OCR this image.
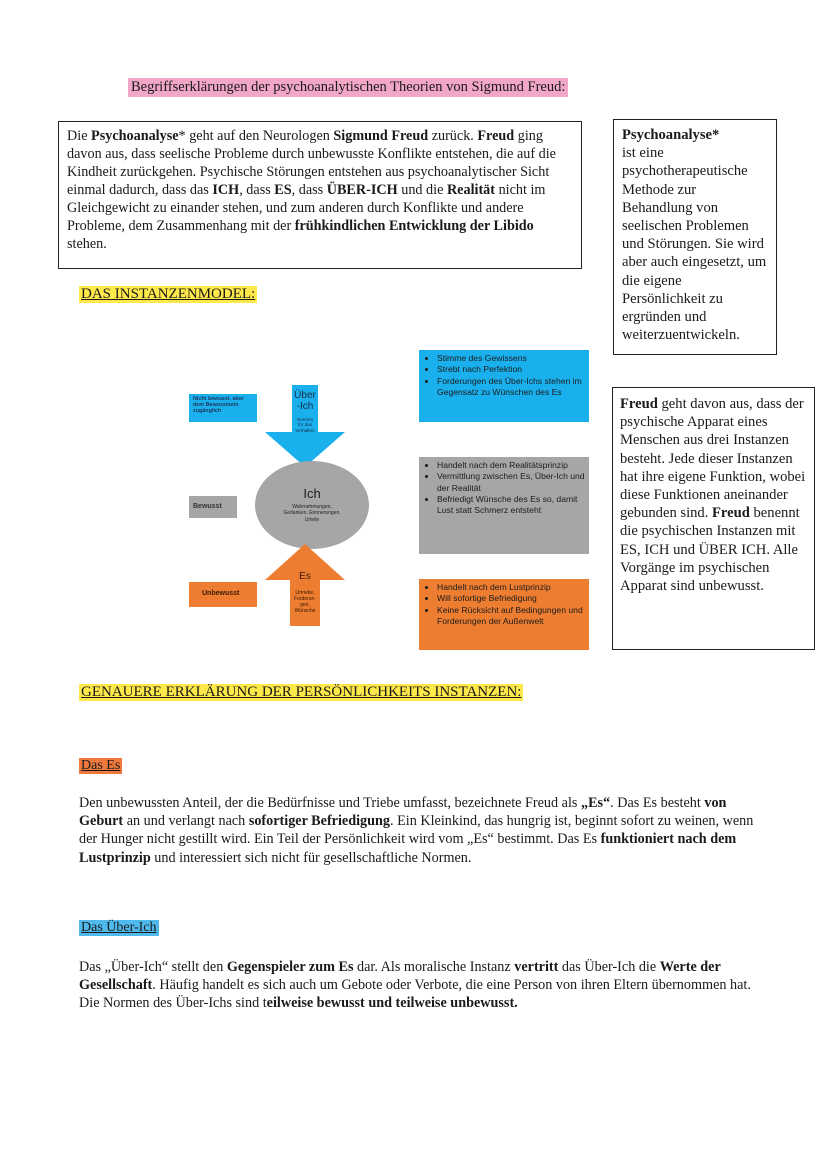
Begriffserklärungen der psychoanalytischen Theorien von Sigmund Freud:
Die Psychoanalyse* geht auf den Neurologen Sigmund Freud zurück. Freud ging davon aus, dass seelische Probleme durch unbewusste Konflikte entstehen, die auf die Kindheit zurückgehen. Psychische Störungen entstehen aus psychoanalytischer Sicht einmal dadurch, dass das ICH, dass ES, dass ÜBER-ICH und die Realität nicht im Gleichgewicht zu einander stehen, und zum anderen durch Konflikte und andere Probleme, dem Zusammenhang mit der frühkindlichen Entwicklung der Libido stehen.
Psychoanalyse*
ist eine psychotherapeutische Methode zur Behandlung von seelischen Problemen und Störungen. Sie wird aber auch eingesetzt, um die eigene Persönlichkeit zu ergründen und weiterzuentwickeln.
DAS INSTANZENMODEL:
Nicht bewusst, aber dem Bewusstsein zugänglich
Bewusst
Unbewusst
Über
-Ich
Normen
für das
Verhalten
Ich
Wahrnehmungen,
Gedanken, Erinnerungen,
Urteile
Es
Urtriebe,
Forderun-
gen,
Wünsche
• Stimme des Gewissens
• Strebt nach Perfektion
• Forderungen des Über-Ichs stehen im Gegensatz zu Wünschen des Es
• Handelt nach dem Realitätsprinzip
• Vermittlung zwischen Es, Über-Ich und der Realität
• Befriedigt Wünsche des Es so, damit Lust statt Schmerz entsteht
• Handelt nach dem Lustprinzip
• Will sofortige Befriedigung
• Keine Rücksicht auf Bedingungen und Forderungen der Außenwelt
Freud geht davon aus, dass der psychische Apparat eines Menschen aus drei Instanzen besteht. Jede dieser Instanzen hat ihre eigene Funktion, wobei diese Funktionen aneinander gebunden sind. Freud benennt die psychischen Instanzen mit ES, ICH und ÜBER ICH. Alle Vorgänge im psychischen Apparat sind unbewusst.
GENAUERE ERKLÄRUNG DER PERSÖNLICHKEITS INSTANZEN:
Das Es
Den unbewussten Anteil, der die Bedürfnisse und Triebe umfasst, bezeichnete Freud als „Es“. Das Es besteht von Geburt an und verlangt nach sofortiger Befriedigung. Ein Kleinkind, das hungrig ist, beginnt sofort zu weinen, wenn der Hunger nicht gestillt wird. Ein Teil der Persönlichkeit wird vom „Es“ bestimmt. Das Es funktioniert nach dem Lustprinzip und interessiert sich nicht für gesellschaftliche Normen.
Das Über-Ich
Das „Über-Ich“ stellt den Gegenspieler zum Es dar. Als moralische Instanz vertritt das Über-Ich die Werte der Gesellschaft. Häufig handelt es sich auch um Gebote oder Verbote, die eine Person von ihren Eltern übernommen hat. Die Normen des Über-Ichs sind teilweise bewusst und teilweise unbewusst.
